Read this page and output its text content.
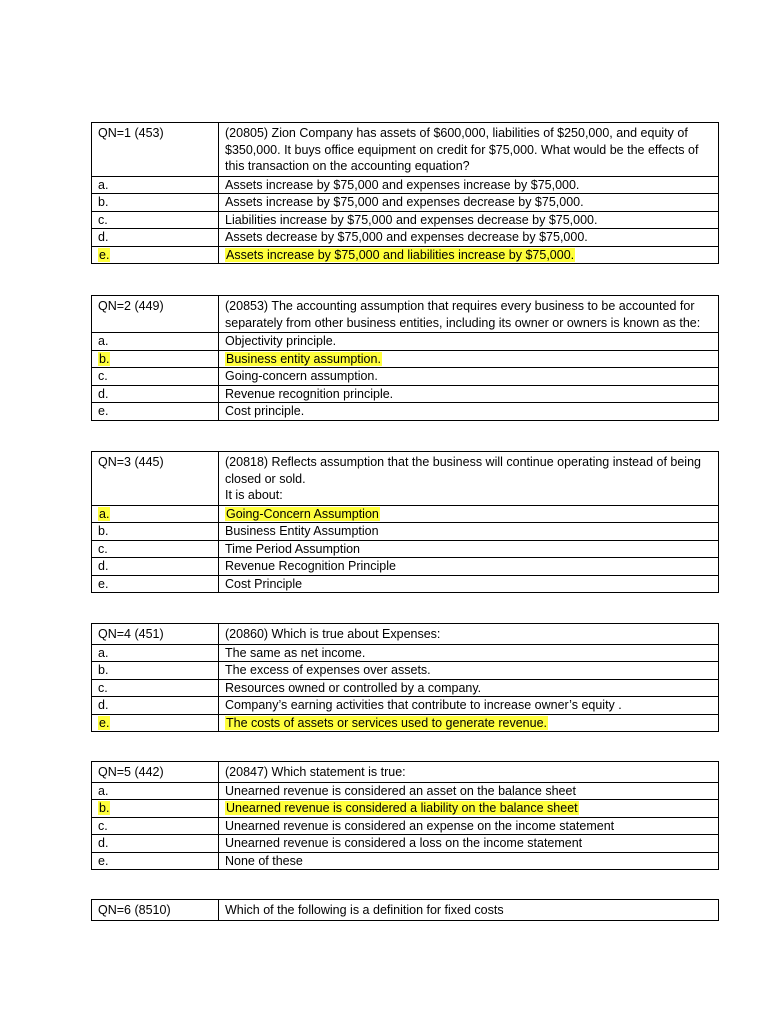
QN=1 (453)	(20805) Zion Company has assets of $600,000, liabilities of $250,000, and equity of $350,000. It buys office equipment on credit for $75,000. What would be the effects of this transaction on the accounting equation?
a.	Assets increase by $75,000 and expenses increase by $75,000.
b.	Assets increase by $75,000 and expenses decrease by $75,000.
c.	Liabilities increase by $75,000 and expenses decrease by $75,000.
d.	Assets decrease by $75,000 and expenses decrease by $75,000.
e.	Assets increase by $75,000 and liabilities increase by $75,000.
QN=2 (449)	(20853) The accounting assumption that requires every business to be accounted for separately from other business entities, including its owner or owners is known as the:
a.	Objectivity principle.
b.	Business entity assumption.
c.	Going-concern assumption.
d.	Revenue recognition principle.
e.	Cost principle.
QN=3 (445)	(20818) Reflects assumption that the business will continue operating instead of being closed or sold.
It is about:
a.	Going-Concern Assumption
b.	Business Entity Assumption
c.	Time Period Assumption
d.	Revenue Recognition Principle
e.	Cost Principle
QN=4 (451)	(20860) Which is true about Expenses:
a.	The same as net income.
b.	The excess of expenses over assets.
c.	Resources owned or controlled by a company.
d.	Company’s earning activities that contribute to increase owner’s equity .
e.	The costs of assets or services used to generate revenue.
QN=5 (442)	(20847) Which statement is true:
a.	Unearned revenue is considered an asset on the balance sheet
b.	Unearned revenue is considered a liability on the balance sheet
c.	Unearned revenue is considered an expense on the income statement
d.	Unearned revenue is considered a loss on the income statement
e.	None of these
QN=6 (8510)	Which of the following is a definition for fixed costs
